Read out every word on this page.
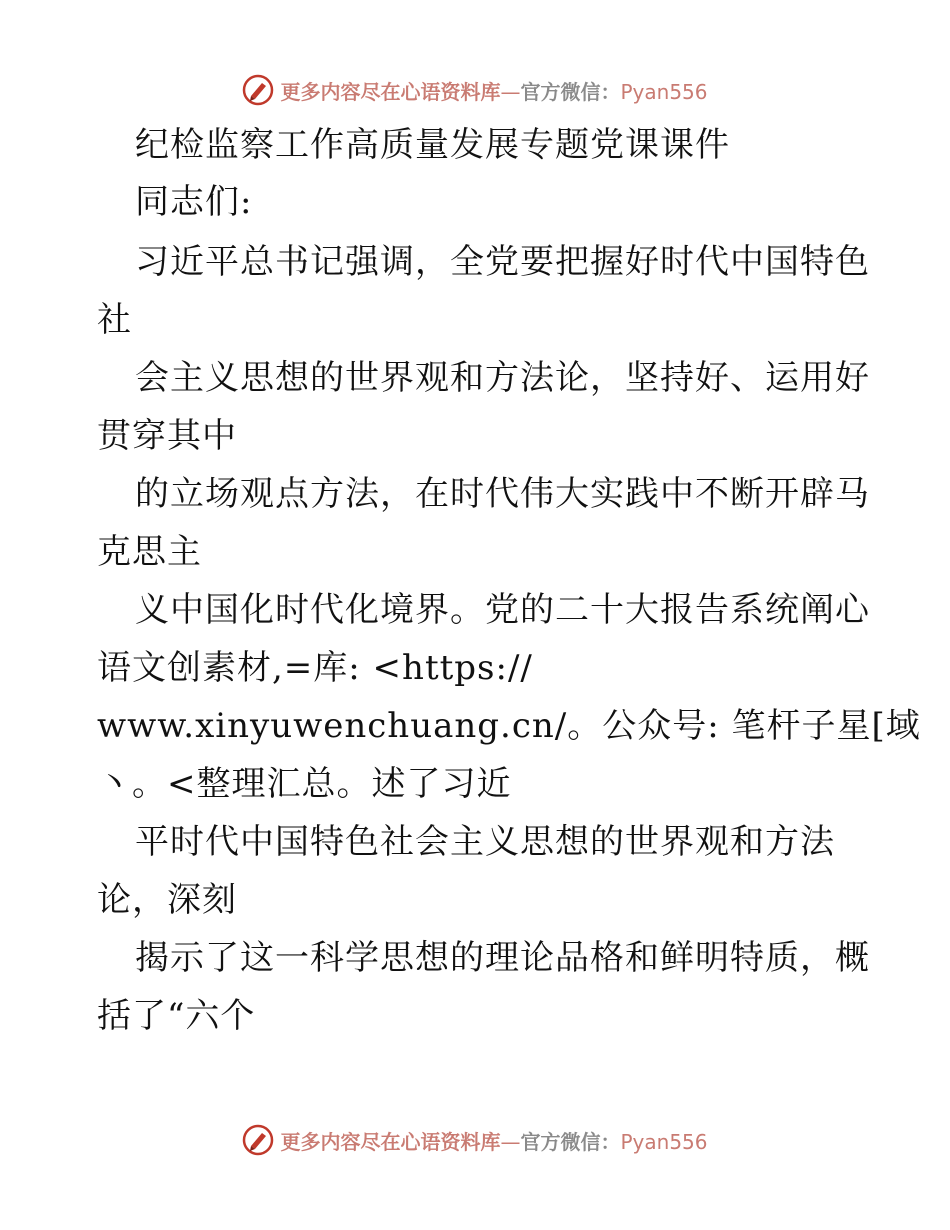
更多内容尽在心语资料库—官方微信：Pyan556
纪检监察工作高质量发展专题党课课件
同志们:
习近平总书记强调，全党要把握好时代中国特色
社
会主义思想的世界观和方法论，坚持好、运用好
贯穿其中
的立场观点方法，在时代伟大实践中不断开辟马
克思主
义中国化时代化境界。党的二十大报告系统阐心
语文创素材,=库: <https://
www.xinyuwenchuang.cn/。公众号: 笔杆子星[域
丶。<整理汇总。述了习近
平时代中国特色社会主义思想的世界观和方法
论，深刻
揭示了这一科学思想的理论品格和鲜明特质，概
括了“六个
更多内容尽在心语资料库—官方微信：Pyan556
